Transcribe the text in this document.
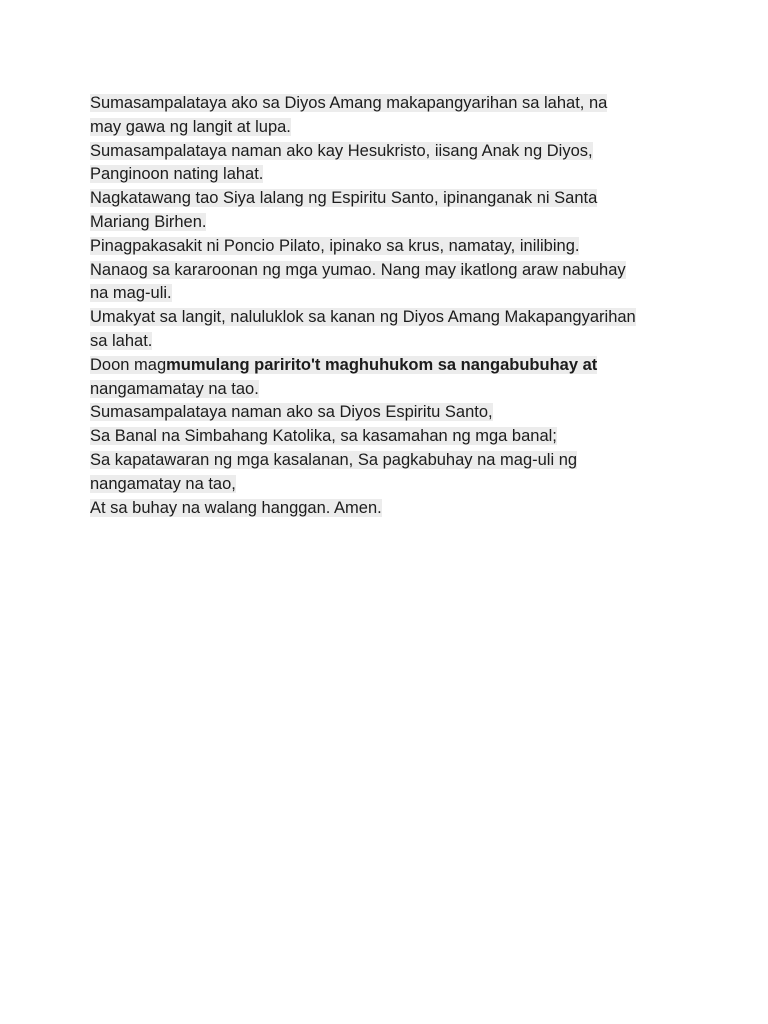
Sumasampalataya ako sa Diyos Amang makapangyarihan sa lahat, na
may gawa ng langit at lupa.
Sumasampalataya naman ako kay Hesukristo, iisang Anak ng Diyos,
Panginoon nating lahat.
Nagkatawang tao Siya lalang ng Espiritu Santo, ipinanganak ni Santa
Mariang Birhen.
Pinagpakasakit ni Poncio Pilato, ipinako sa krus, namatay, inilibing.
Nanaog sa kararoonan ng mga yumao. Nang may ikatlong araw nabuhay
na mag-uli.
Umakyat sa langit, naluluklok sa kanan ng Diyos Amang Makapangyarihan
sa lahat.
Doon magmumulang paririto't maghuhukom sa nangabubuhay at
nangamamatay na tao.
Sumasampalataya naman ako sa Diyos Espiritu Santo,
Sa Banal na Simbahang Katolika, sa kasamahan ng mga banal;
Sa kapatawaran ng mga kasalanan, Sa pagkabuhay na mag-uli ng
nangamatay na tao,
At sa buhay na walang hanggan. Amen.
